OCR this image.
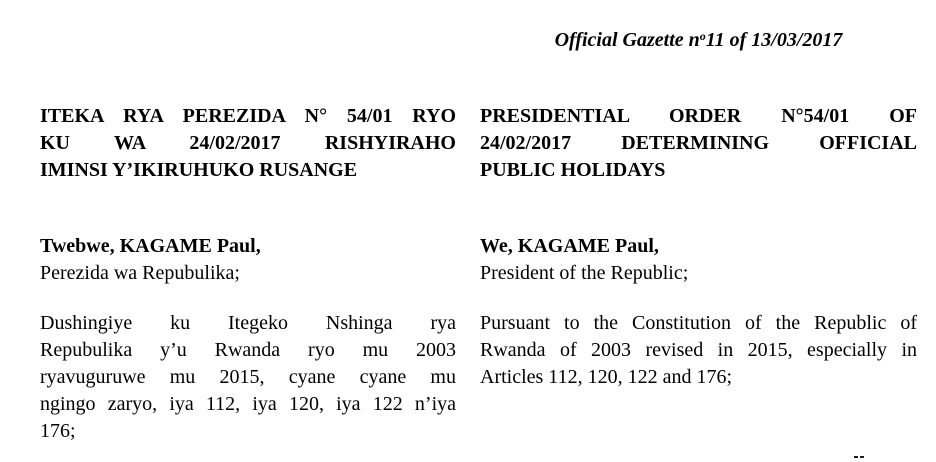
Official Gazette $n^o11$ of 13/03/2017
ITEKA RYA PEREZIDA N° 54/01 RYO
KU WA 24/02/2017 RISHYIRAHO
IMINSI Y’IKIRUHUKO RUSANGE
Twebwe, KAGAME Paul,
Perezida wa Repubulika;
Dushingiye ku Itegeko Nshinga rya
Repubulika y’u Rwanda ryo mu 2003
ryavuguruwe mu 2015, cyane cyane mu
ngingo zaryo, iya 112, iya 120, iya 122 n’iya
176;
PRESIDENTIAL ORDER N°54/01 OF
24/02/2017 DETERMINING OFFICIAL
PUBLIC HOLIDAYS
We, KAGAME Paul,
President of the Republic;
Pursuant to the Constitution of the Republic of
Rwanda of 2003 revised in 2015, especially in
Articles 112, 120, 122 and 176;
